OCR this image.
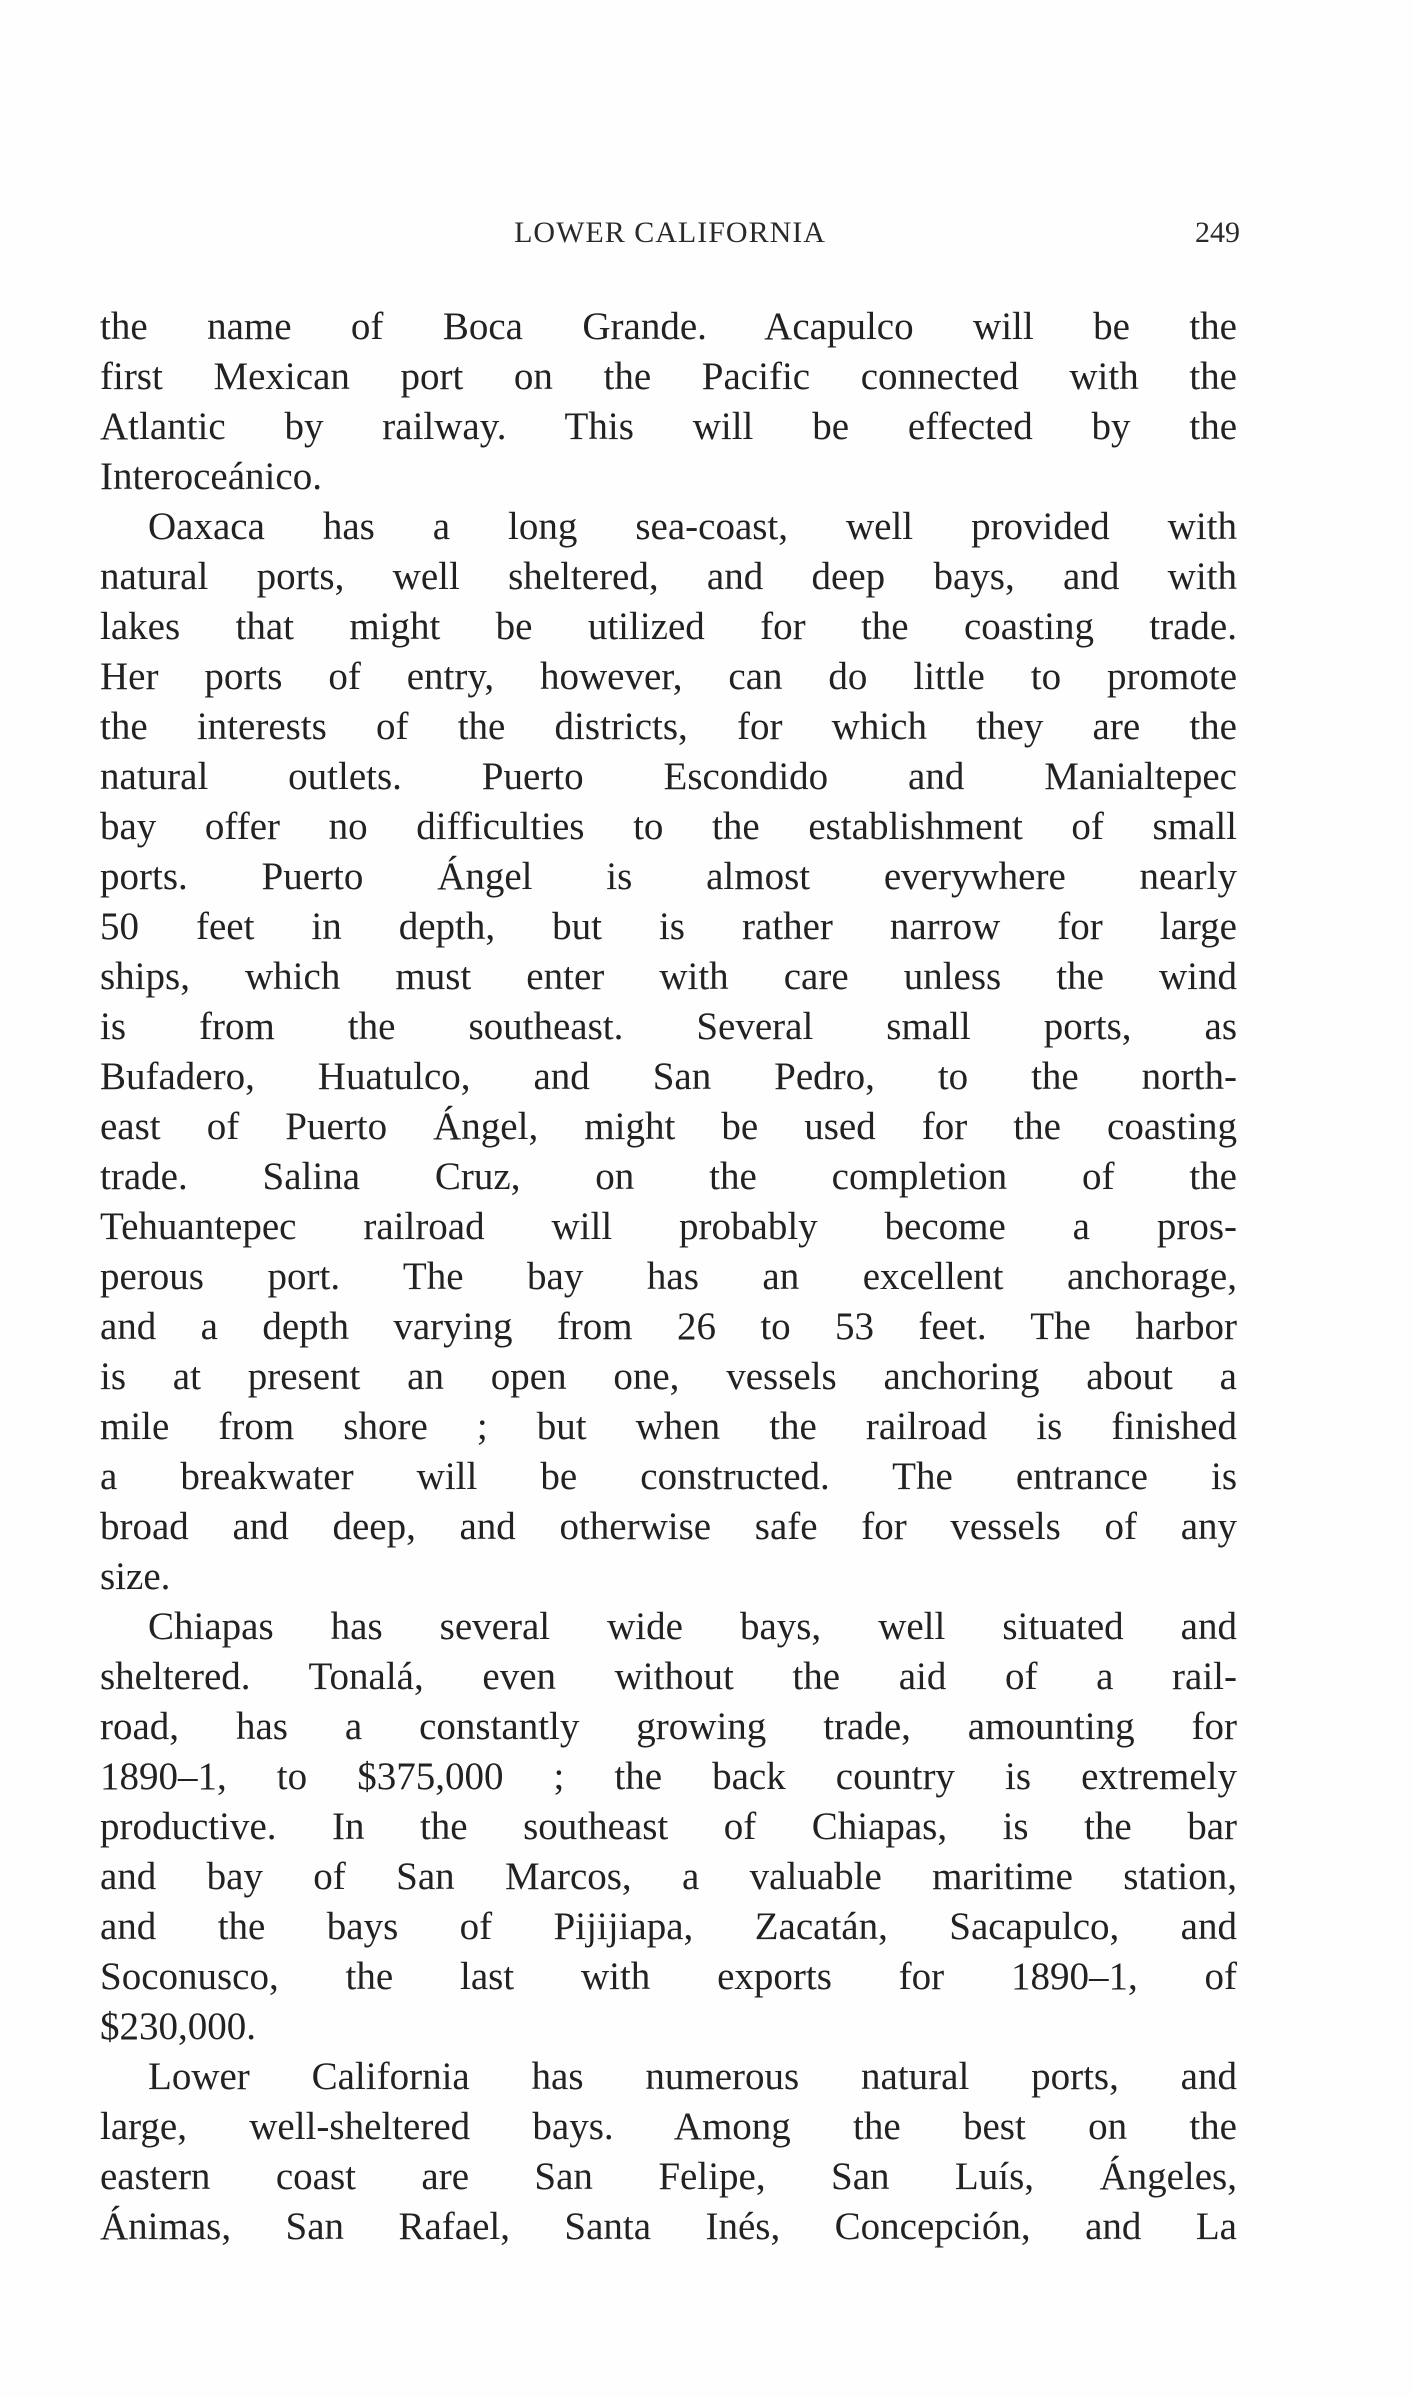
LOWER CALIFORNIA	249
the name of Boca Grande. Acapulco will be the
first Mexican port on the Pacific connected with the
Atlantic by railway. This will be effected by the
Interoceánico.
Oaxaca has a long sea-coast, well provided with
natural ports, well sheltered, and deep bays, and with
lakes that might be utilized for the coasting trade.
Her ports of entry, however, can do little to promote
the interests of the districts, for which they are the
natural outlets. Puerto Escondido and Manialtepec
bay offer no difficulties to the establishment of small
ports. Puerto Ángel is almost everywhere nearly
50 feet in depth, but is rather narrow for large
ships, which must enter with care unless the wind
is from the southeast. Several small ports, as
Bufadero, Huatulco, and San Pedro, to the north-
east of Puerto Ángel, might be used for the coasting
trade. Salina Cruz, on the completion of the
Tehuantepec railroad will probably become a pros-
perous port. The bay has an excellent anchorage,
and a depth varying from 26 to 53 feet. The harbor
is at present an open one, vessels anchoring about a
mile from shore ; but when the railroad is finished
a breakwater will be constructed. The entrance is
broad and deep, and otherwise safe for vessels of any
size.
Chiapas has several wide bays, well situated and
sheltered. Tonalá, even without the aid of a rail-
road, has a constantly growing trade, amounting for
1890–1, to $375,000 ; the back country is extremely
productive. In the southeast of Chiapas, is the bar
and bay of San Marcos, a valuable maritime station,
and the bays of Pijijiapa, Zacatán, Sacapulco, and
Soconusco, the last with exports for 1890–1, of
$230,000.
Lower California has numerous natural ports, and
large, well-sheltered bays. Among the best on the
eastern coast are San Felipe, San Luís, Ángeles,
Ánimas, San Rafael, Santa Inés, Concepción, and La
